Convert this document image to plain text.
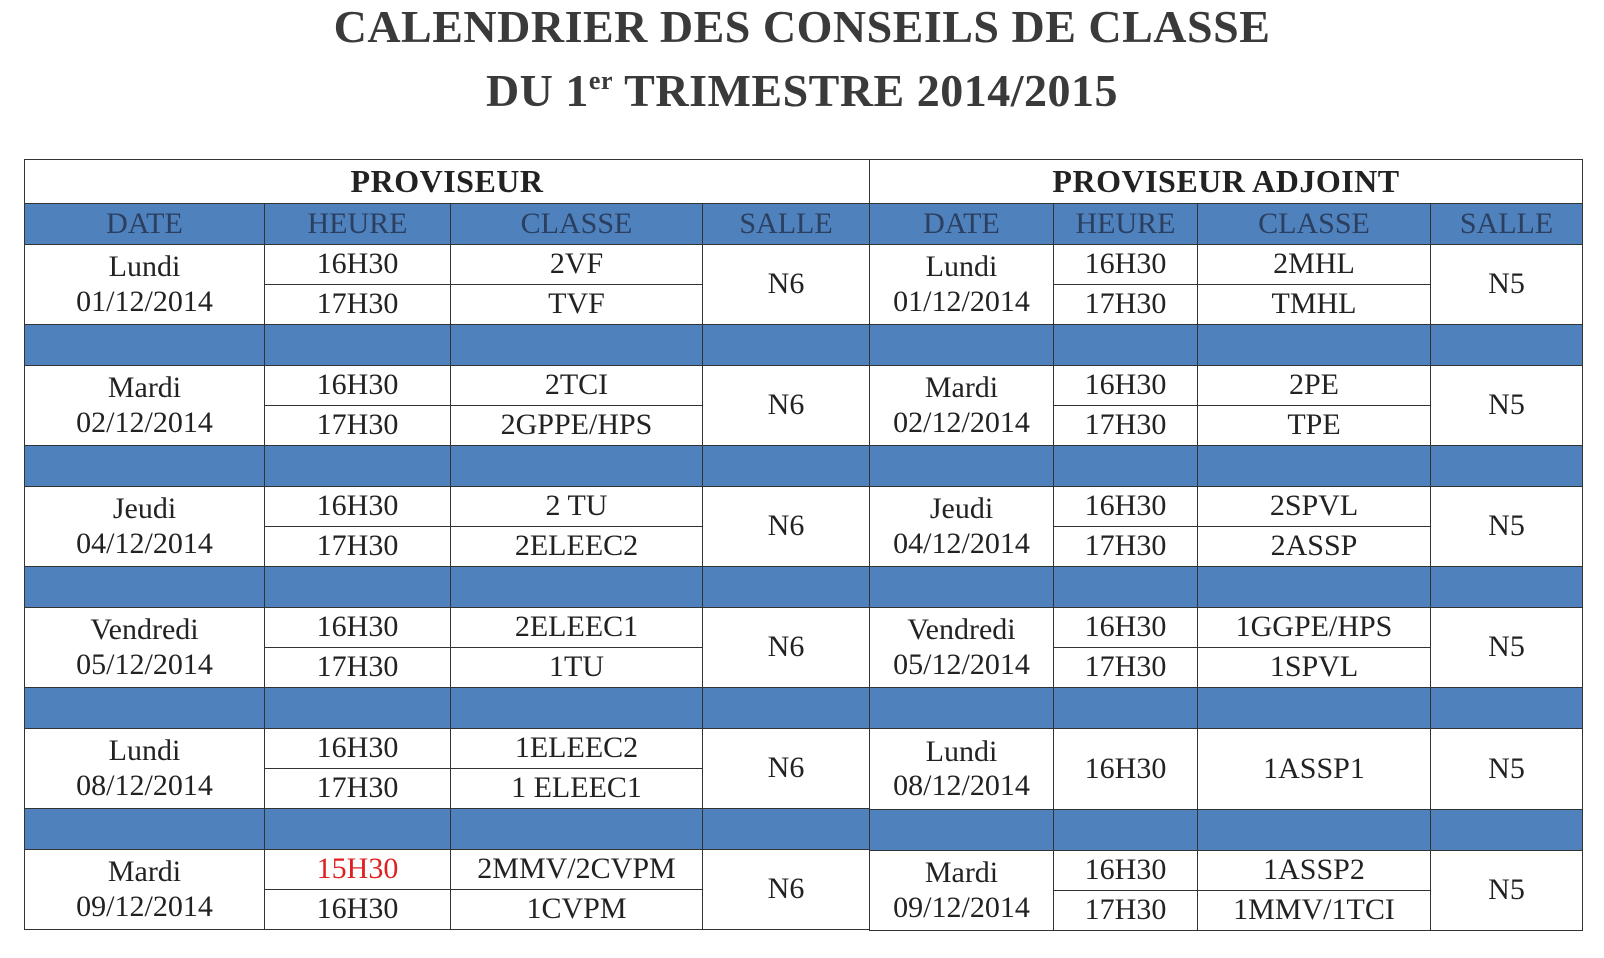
CALENDRIER DES CONSEILS DE CLASSE
DU 1er TRIMESTRE 2014/2015
PROVISEUR			
DATE	HEURE	CLASSE	SALLE

Lundi
01/12/2014	16H30	2VF	N6
	17H30	TVF	

Mardi
02/12/2014	16H30	2TCI	N6
	17H30	2GPPE/HPS	

Jeudi
04/12/2014	16H30	2 TU	N6
	17H30	2ELEEC2	

Vendredi
05/12/2014	16H30	2ELEEC1	N6
	17H30	1TU	

Lundi
08/12/2014	16H30	1ELEEC2	N6
	17H30	1 ELEEC1	

Mardi
09/12/2014	15H30	2MMV/2CVPM	N6
	16H30	1CVPM	
PROVISEUR ADJOINT			
DATE	HEURE	CLASSE	SALLE

Lundi
01/12/2014	16H30	2MHL	N5
	17H30	TMHL	

Mardi
02/12/2014	16H30	2PE	N5
	17H30	TPE	

Jeudi
04/12/2014	16H30	2SPVL	N5
	17H30	2ASSP	

Vendredi
05/12/2014	16H30	1GGPE/HPS	N5
	17H30	1SPVL	

Lundi
08/12/2014	16H30	1ASSP1	N5

Mardi
09/12/2014	16H30	1ASSP2	N5
	17H30	1MMV/1TCI	
